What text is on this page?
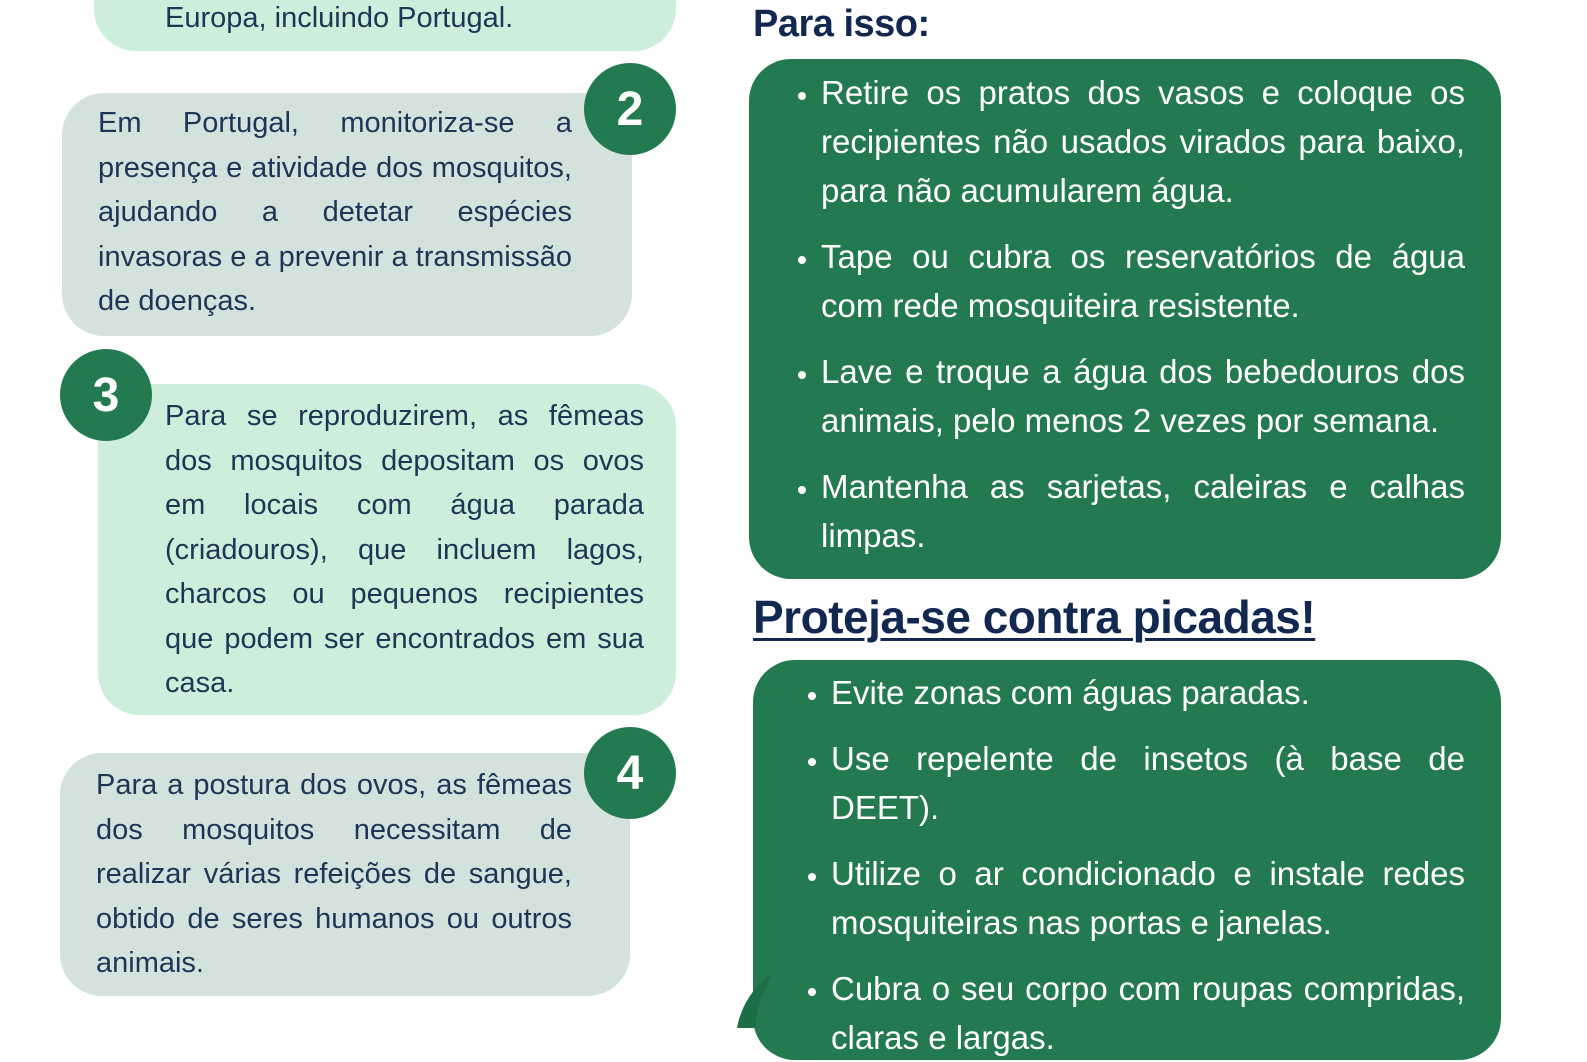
Europa, incluindo Portugal.

Em Portugal, monitoriza-se a presença e atividade dos mosquitos, ajudando a detetar espécies invasoras e a prevenir a transmissão de doenças.

2

Para se reproduzirem, as fêmeas dos mosquitos depositam os ovos em locais com água parada (criadouros), que incluem lagos, charcos ou pequenos recipientes que podem ser encontrados em sua casa.

3

Para a postura dos ovos, as fêmeas dos mosquitos necessitam de realizar várias refeições de sangue, obtido de seres humanos ou outros animais.

4
Para isso:
• Retire os pratos dos vasos e coloque os recipientes não usados virados para baixo, para não acumularem água.
• Tape ou cubra os reservatórios de água com rede mosquiteira resistente.
• Lave e troque a água dos bebedouros dos animais, pelo menos 2 vezes por semana.
• Mantenha as sarjetas, caleiras e calhas limpas.
Proteja-se contra picadas!
• Evite zonas com águas paradas.
• Use repelente de insetos (à base de DEET).
• Utilize o ar condicionado e instale redes mosquiteiras nas portas e janelas.
• Cubra o seu corpo com roupas compridas, claras e largas.
